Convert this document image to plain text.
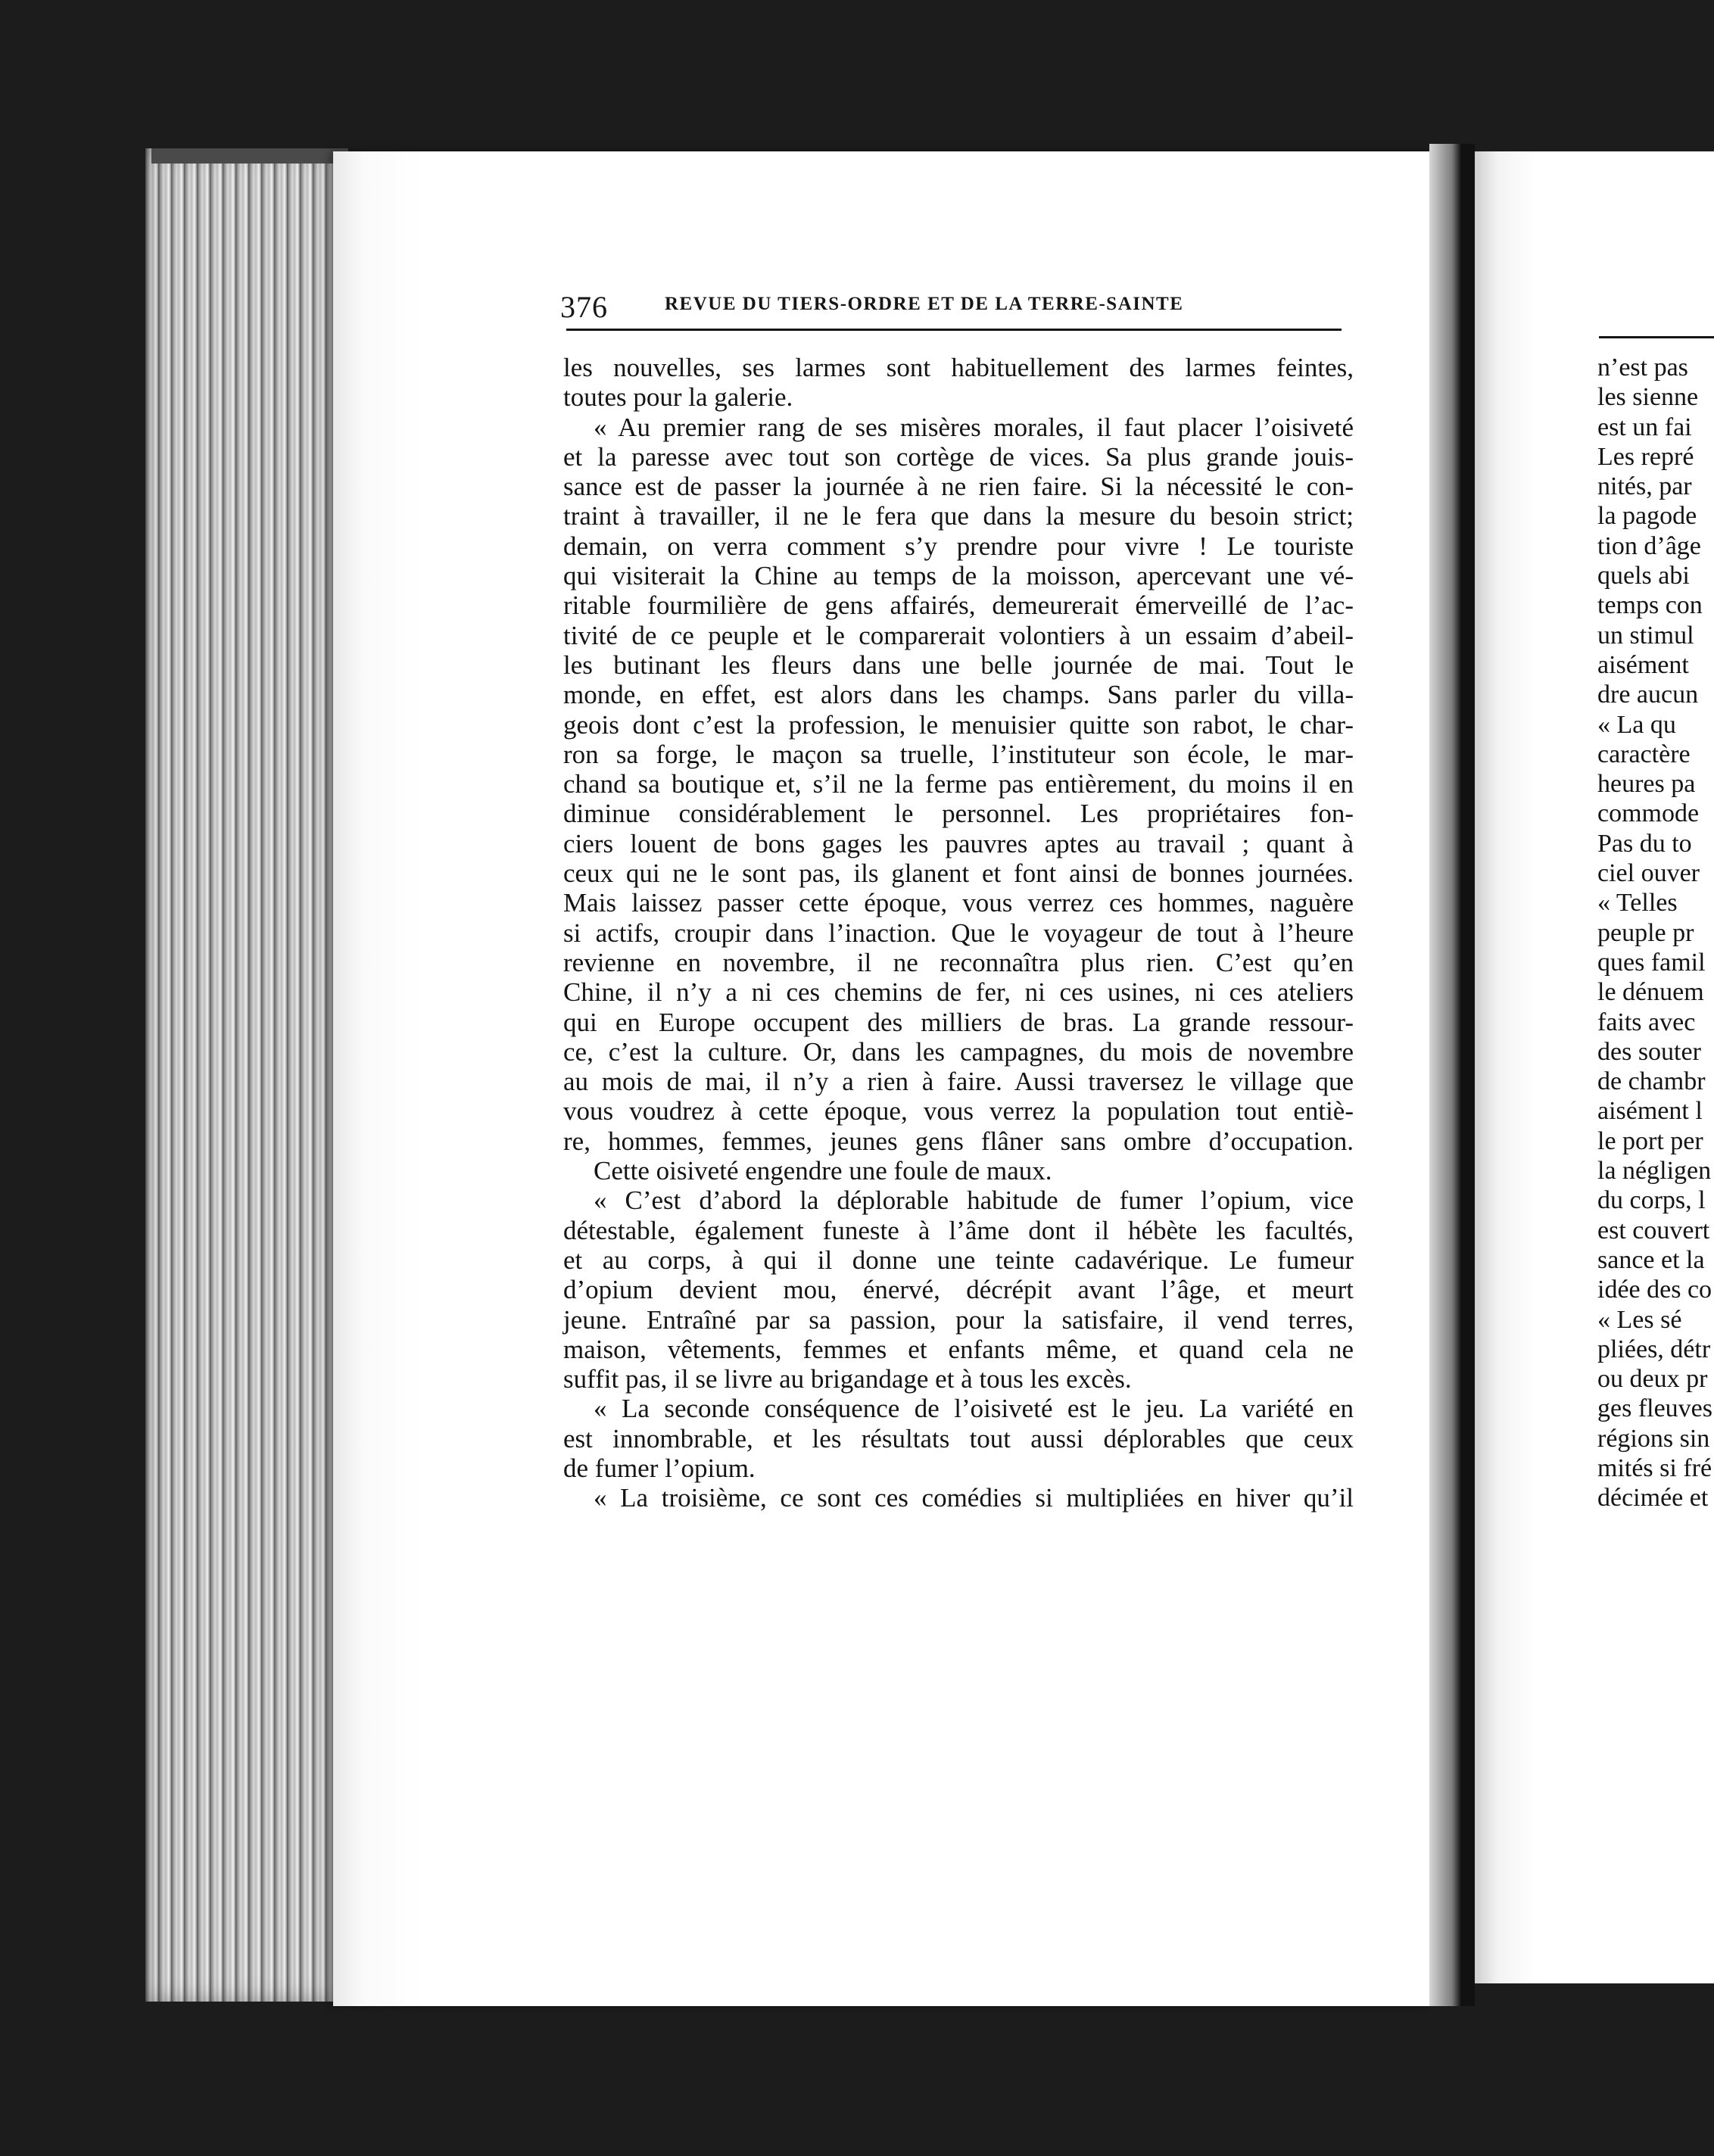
376	REVUE DU TIERS-ORDRE ET DE LA TERRE-SAINTE
les nouvelles, ses larmes sont habituellement des larmes feintes,
toutes pour la galerie.
« Au premier rang de ses misères morales, il faut placer l’oisiveté
et la paresse avec tout son cortège de vices. Sa plus grande jouis-
sance est de passer la journée à ne rien faire. Si la nécessité le con-
traint à travailler, il ne le fera que dans la mesure du besoin strict;
demain, on verra comment s’y prendre pour vivre ! Le touriste
qui visiterait la Chine au temps de la moisson, apercevant une vé-
ritable fourmilière de gens affairés, demeurerait émerveillé de l’ac-
tivité de ce peuple et le comparerait volontiers à un essaim d’abeil-
les butinant les fleurs dans une belle journée de mai. Tout le
monde, en effet, est alors dans les champs. Sans parler du villa-
geois dont c’est la profession, le menuisier quitte son rabot, le char-
ron sa forge, le maçon sa truelle, l’instituteur son école, le mar-
chand sa boutique et, s’il ne la ferme pas entièrement, du moins il en
diminue considérablement le personnel. Les propriétaires fon-
ciers louent de bons gages les pauvres aptes au travail ; quant à
ceux qui ne le sont pas, ils glanent et font ainsi de bonnes journées.
Mais laissez passer cette époque, vous verrez ces hommes, naguère
si actifs, croupir dans l’inaction. Que le voyageur de tout à l’heure
revienne en novembre, il ne reconnaîtra plus rien. C’est qu’en
Chine, il n’y a ni ces chemins de fer, ni ces usines, ni ces ateliers
qui en Europe occupent des milliers de bras. La grande ressour-
ce, c’est la culture. Or, dans les campagnes, du mois de novembre
au mois de mai, il n’y a rien à faire. Aussi traversez le village que
vous voudrez à cette époque, vous verrez la population tout entiè-
re, hommes, femmes, jeunes gens flâner sans ombre d’occupation.
Cette oisiveté engendre une foule de maux.
« C’est d’abord la déplorable habitude de fumer l’opium, vice
détestable, également funeste à l’âme dont il hébète les facultés,
et au corps, à qui il donne une teinte cadavérique. Le fumeur
d’opium devient mou, énervé, décrépit avant l’âge, et meurt
jeune. Entraîné par sa passion, pour la satisfaire, il vend terres,
maison, vêtements, femmes et enfants même, et quand cela ne
suffit pas, il se livre au brigandage et à tous les excès.
« La seconde conséquence de l’oisiveté est le jeu. La variété en
est innombrable, et les résultats tout aussi déplorables que ceux
de fumer l’opium.
« La troisième, ce sont ces comédies si multipliées en hiver qu’il
n’est pas
les sienne
est un fai
Les repré
nités, par
la pagode
tion d’âge
quels abi
temps con
un stimul
aisément
dre aucun
« La qu
caractère
heures pa
commode
Pas du to
ciel ouver
« Telles
peuple pr
ques famil
le dénuem
faits avec
des souter
de chambr
aisément l
le port per
la négligen
du corps, l
est couvert
sance et la
idée des co
« Les sé
pliées, détr
ou deux pr
ges fleuves
régions sin
mités si fré
décimée et
